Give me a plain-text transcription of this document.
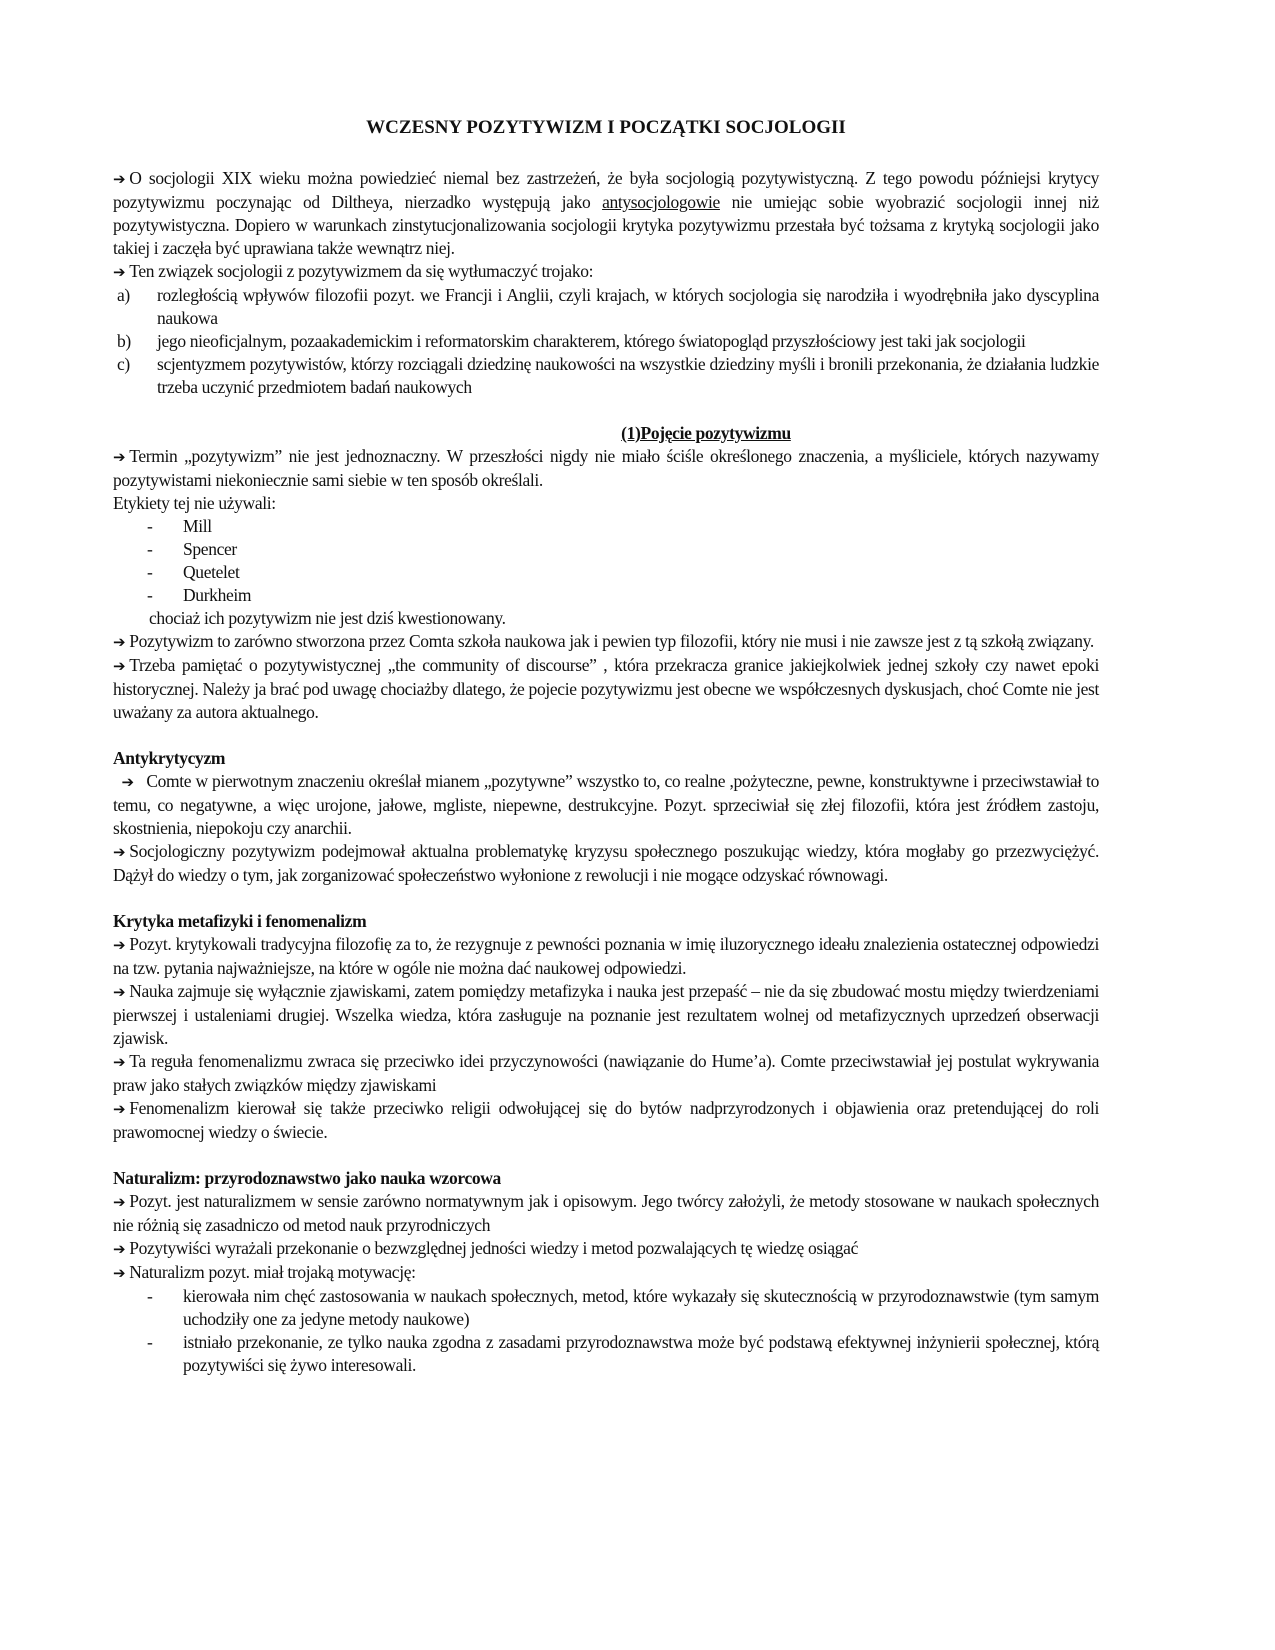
WCZESNY POZYTYWIZM I POCZĄTKI SOCJOLOGII

➔ O socjologii XIX wieku można powiedzieć niemal bez zastrzeżeń, że była socjologią pozytywistyczną. Z tego powodu późniejsi krytycy pozytywizmu poczynając od Diltheya, nierzadko występują jako antysocjologowie nie umiejąc sobie wyobrazić socjologii innej niż pozytywistyczna. Dopiero w warunkach zinstytucjonalizowania socjologii krytyka pozytywizmu przestała być tożsama z krytyką socjologii jako takiej i zaczęła być uprawiana także wewnątrz niej.

➔ Ten związek socjologii z pozytywizmem da się wytłumaczyć trojako:

a)	rozległością wpływów filozofii pozyt. we Francji i Anglii, czyli krajach, w których socjologia się narodziła i wyodrębniła jako dyscyplina naukowa
b)	jego nieoficjalnym, pozaakademickim i reformatorskim charakterem, którego światopogląd przyszłościowy jest taki jak socjologii
c)	scjentyzmem pozytywistów, którzy rozciągali dziedzinę naukowości na wszystkie dziedziny myśli i bronili przekonania, że działania ludzkie trzeba uczynić przedmiotem badań naukowych
(1)Pojęcie pozytywizmu

➔ Termin „pozytywizm” nie jest jednoznaczny. W przeszłości nigdy nie miało ściśle określonego znaczenia, a myśliciele, których nazywamy pozytywistami niekoniecznie sami siebie w ten sposób określali.

Etykiety tej nie używali:

-	Mill
-	Spencer
-	Quetelet
-	Durkheim

chociaż ich pozytywizm nie jest dziś kwestionowany.

➔ Pozytywizm to zarówno stworzona przez Comta szkoła naukowa jak i pewien typ filozofii, który nie musi i nie zawsze jest z tą szkołą związany.

➔ Trzeba pamiętać o pozytywistycznej „the community of discourse” , która przekracza granice jakiejkolwiek jednej szkoły czy nawet epoki historycznej. Należy ja brać pod uwagę chociażby dlatego, że pojecie pozytywizmu jest obecne we współczesnych dyskusjach, choć Comte nie jest uważany za autora aktualnego.

Antykrytycyzm

➔ Comte w pierwotnym znaczeniu określał mianem „pozytywne” wszystko to, co realne ,pożyteczne, pewne, konstruktywne i przeciwstawiał to temu, co negatywne, a więc urojone, jałowe, mgliste, niepewne, destrukcyjne. Pozyt. sprzeciwiał się złej filozofii, która jest źródłem zastoju, skostnienia, niepokoju czy anarchii.

➔ Socjologiczny pozytywizm podejmował aktualna problematykę kryzysu społecznego poszukując wiedzy, która mogłaby go przezwyciężyć. Dążył do wiedzy o tym, jak zorganizować społeczeństwo wyłonione z rewolucji i nie mogące odzyskać równowagi.

Krytyka metafizyki i fenomenalizm

➔ Pozyt. krytykowali tradycyjna filozofię za to, że rezygnuje z pewności poznania w imię iluzorycznego ideału znalezienia ostatecznej odpowiedzi na tzw. pytania najważniejsze, na które w ogóle nie można dać naukowej odpowiedzi.

➔ Nauka zajmuje się wyłącznie zjawiskami, zatem pomiędzy metafizyka i nauka jest przepaść – nie da się zbudować mostu między twierdzeniami pierwszej i ustaleniami drugiej. Wszelka wiedza, która zasługuje na poznanie jest rezultatem wolnej od metafizycznych uprzedzeń obserwacji zjawisk.

➔ Ta reguła fenomenalizmu zwraca się przeciwko idei przyczynowości (nawiązanie do Hume’a). Comte przeciwstawiał jej postulat wykrywania praw jako stałych związków między zjawiskami

➔ Fenomenalizm kierował się także przeciwko religii odwołującej się do bytów nadprzyrodzonych i objawienia oraz pretendującej do roli prawomocnej wiedzy o świecie.

Naturalizm: przyrodoznawstwo jako nauka wzorcowa

➔ Pozyt. jest naturalizmem w sensie zarówno normatywnym jak i opisowym. Jego twórcy założyli, że metody stosowane w naukach społecznych nie różnią się zasadniczo od metod nauk przyrodniczych

➔ Pozytywiści wyrażali przekonanie o bezwzględnej jedności wiedzy i metod pozwalających tę wiedzę osiągać

➔ Naturalizm pozyt. miał trojaką motywację:

-	kierowała nim chęć zastosowania w naukach społecznych, metod, które wykazały się skutecznością w przyrodoznawstwie (tym samym uchodziły one za jedyne metody naukowe)
-	istniało przekonanie, ze tylko nauka zgodna z zasadami przyrodoznawstwa może być podstawą efektywnej inżynierii społecznej, którą pozytywiści się żywo interesowali.
